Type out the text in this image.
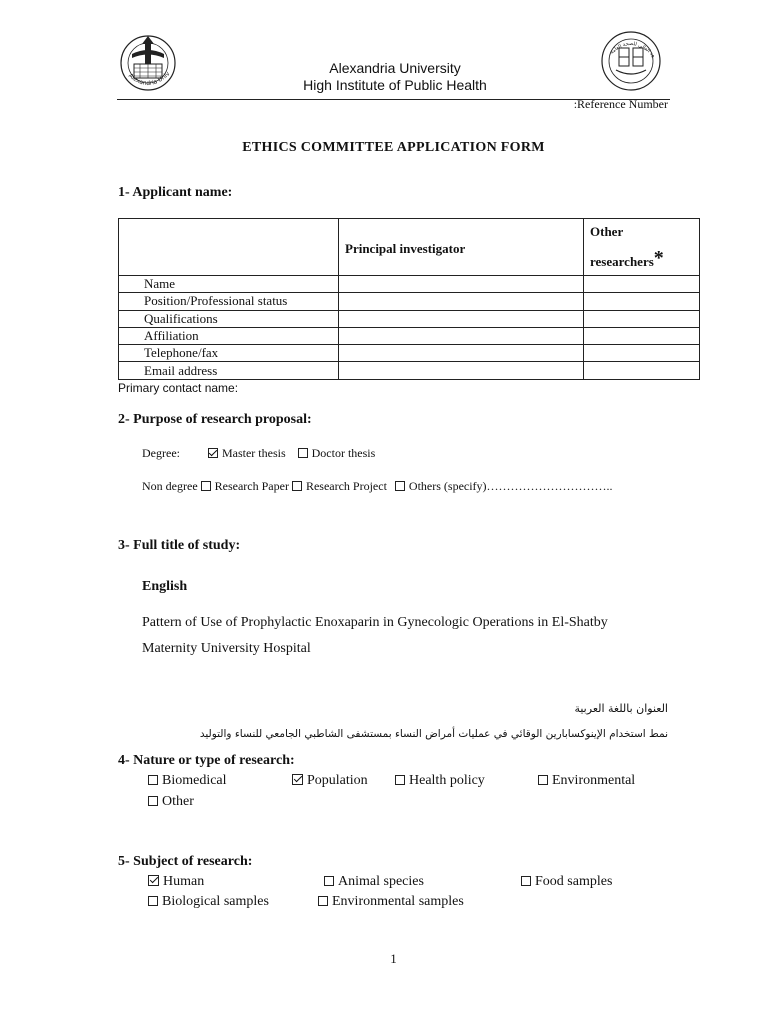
Alexandria Univ	Alexandria University
High Institute of Public Health
هد العالي للصحة العامة
:Reference Number
ETHICS COMMITTEE APPLICATION FORM
1- Applicant name:
	Principal investigator	Other
researchers*
Name		
Position/Professional status		
Qualifications		
Affiliation		
Telephone/fax		
Email address		
Primary contact name:
2- Purpose of research proposal:
Degree:	Master thesis Doctor thesis
Non degree Research Paper Research Project Others (specify)…………………………..
3- Full title of study:
English
Pattern of Use of Prophylactic Enoxaparin in Gynecologic Operations in El-Shatby
Maternity University Hospital
العنوان باللغة العربية
نمط استخدام الإينوكسابارين الوقائي في عمليات أمراض النساء بمستشفى الشاطبي الجامعي للنساء والتوليد
4- Nature or type of research:
Biomedical	Population	Health policy	Environmental
Other
5- Subject of research:
Human	Animal species	Food samples
Biological samples	Environmental samples
1
